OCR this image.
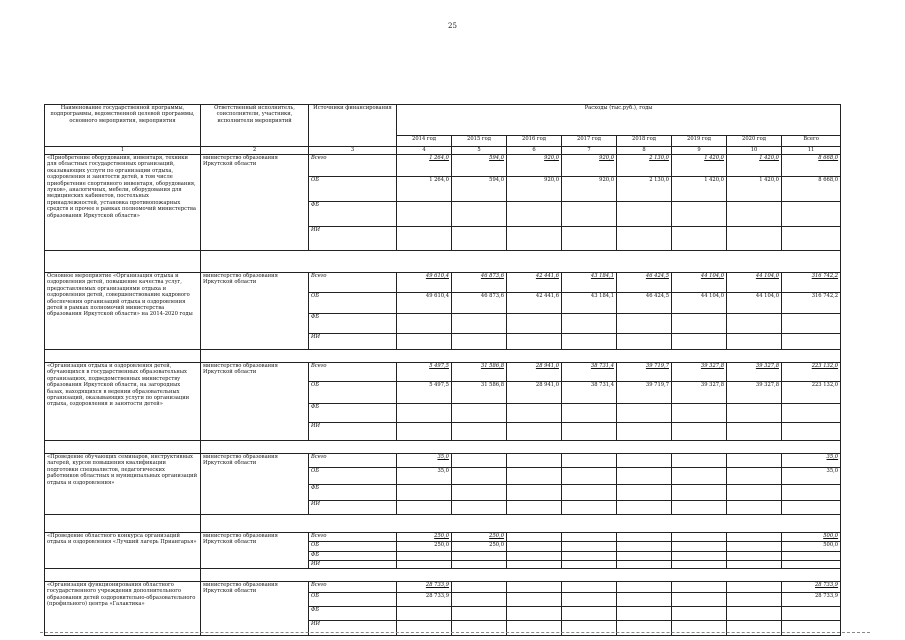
25
Наименование государственной программы, подпрограммы, ведомственной целевой программы, основного мероприятия, мероприятия	Ответственный исполнитель, соисполнители, участники, исполнители мероприятий	Источники финансирования	Расходы (тыс.руб.), годы							
			2014 год	2015 год	2016 год	2017 год	2018 год	2019 год	2020 год	Всего
1	2	3	4	5	6	7	8	9	10	11
«Приобретение оборудования, инвентаря, техники для областных государственных организаций, оказывающих услуги по организации отдыха, оздоровления и занятости детей, в том числе приобретение спортивного инвентаря, оборудования, луков», аналогичных, мебели, оборудования для медицинских кабинетов, постельных принадлежностей, установка противопожарных средств и прочее в рамках полномочий министерства образования Иркутской области»	министерство образования Иркутской области	Всего	1 264,0	594,0	920,0	920,0	2 130,0	1 420,0	1 420,0	8 668,0
		ОБ	1 264,0	594,0	920,0	920,0	2 130,0	1 420,0	1 420,0	8 668,0
		ФБ								
		ИИ								

Основное мероприятие «Организация отдыха и оздоровления детей, повышение качества услуг, предоставляемых организациями отдыха и оздоровления детей, совершенствование кадрового обеспечения организаций отдыха и оздоровления детей в рамках полномочий министерства образования Иркутской области» на 2014-2020 годы	министерство образования Иркутской области	Всего	49 610,4	46 873,6	42 441,6	43 184,1	46 424,5	44 104,0	44 104,0	316 742,2
		ОБ	49 610,4	46 873,6	42 441,6	43 184,1	46 424,5	44 104,0	44 104,0	316 742,2
		ФБ								
		ИИ								

«Организация отдыха и оздоровления детей, обучающихся в государственных образовательных организациях, подведомственных министерству образования Иркутской области, на загородных базах, находящихся в ведении образовательных организаций, оказывающих услуги по организации отдыха, оздоровления и занятости детей»	министерство образования Иркутской области	Всего	5 497,5	31 586,8	28 941,0	38 731,4	39 719,7	39 327,8	39 327,8	223 132,0
		ОБ	5 497,5	31 586,8	28 941,0	38 731,4	39 719,7	39 327,8	39 327,8	223 132,0
		ФБ								
		ИИ								

«Проведение обучающих семинаров, инструктивных лагерей, курсов повышения квалификации подготовки специалистов, педагогических работников областных и муниципальных организаций отдыха и оздоровления»	министерство образования Иркутской области	Всего	35,0							35,0
		ОБ	35,0							35,0
		ФБ								
		ИИ								

«Проведение областного конкурса организаций отдыха и оздоровления «Лучший лагерь Приангарья»	министерство образования Иркутской области	Всего	250,0	250,0						500,0
		ОБ	250,0	250,0						500,0
		ФБ								
		ИИ								

«Организация функционирования областного государственного учреждения дополнительного образования детей оздоровительно-образовательного (профильного) центра «Галактика»	министерство образования Иркутской области	Всего	28 733,9							28 733,9
		ОБ	28 733,9							28 733,9
		ФБ								
		ИИ								
